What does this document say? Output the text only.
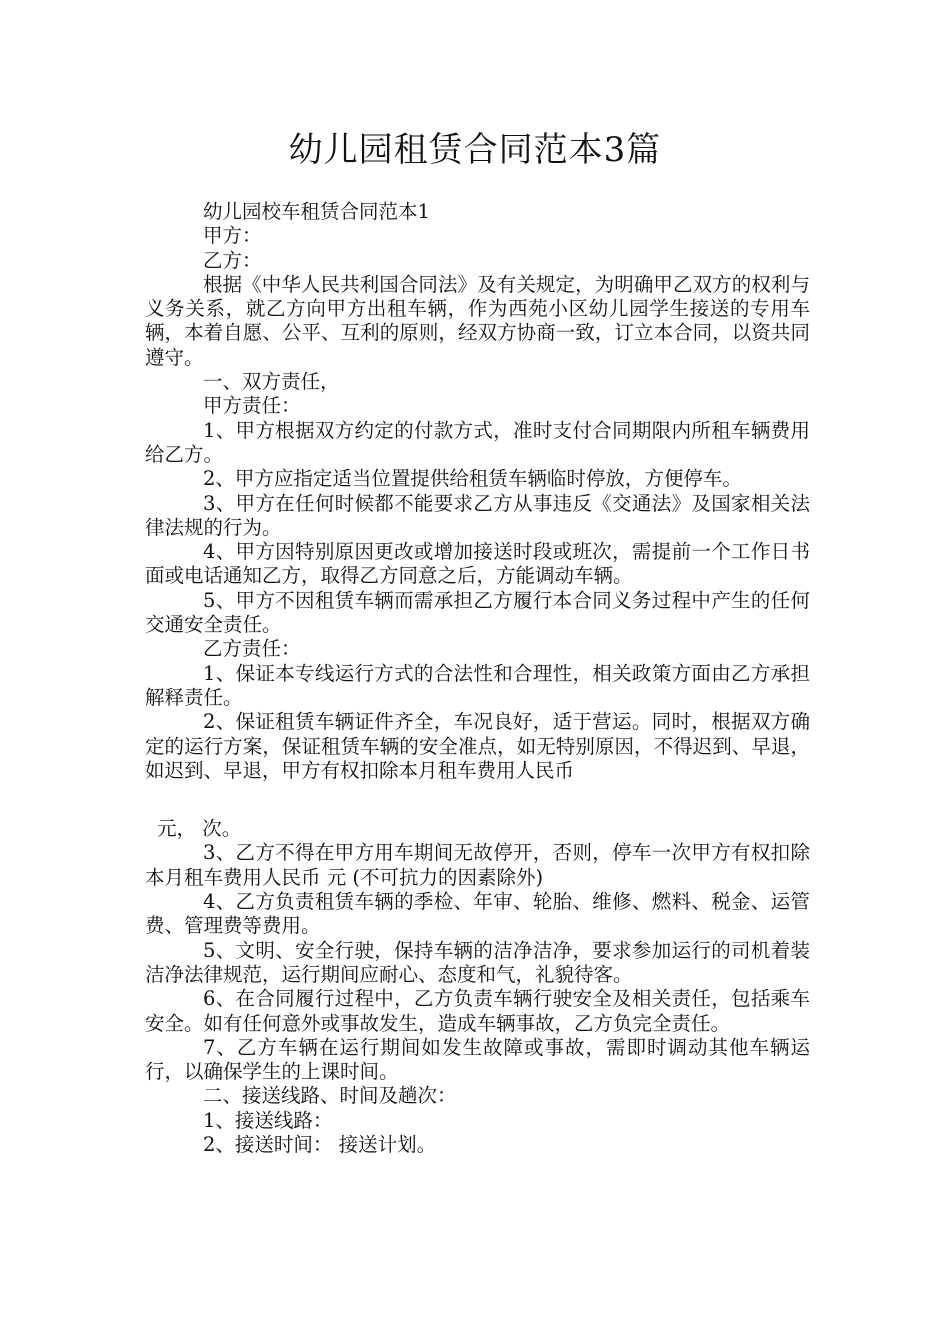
幼儿园租赁合同范本3篇

幼儿园校车租赁合同范本1

甲方：

乙方：

根据《中华人民共利国合同法》及有关规定，为明确甲乙双方的权利与义务关系，就乙方向甲方出租车辆，作为西苑小区幼儿园学生接送的专用车辆，本着自愿、公平、互利的原则，经双方协商一致，订立本合同，以资共同遵守。

一、双方责任，

甲方责任：

1、甲方根据双方约定的付款方式，准时支付合同期限内所租车辆费用给乙方。

2、甲方应指定适当位置提供给租赁车辆临时停放，方便停车。

3、甲方在任何时候都不能要求乙方从事违反《交通法》及国家相关法律法规的行为。

4、甲方因特别原因更改或增加接送时段或班次，需提前一个工作日书面或电话通知乙方，取得乙方同意之后，方能调动车辆。

5、甲方不因租赁车辆而需承担乙方履行本合同义务过程中产生的任何交通安全责任。

乙方责任：

1、保证本专线运行方式的合法性和合理性，相关政策方面由乙方承担解释责任。

2、保证租赁车辆证件齐全，车况良好，适于营运。同时，根据双方确定的运行方案，保证租赁车辆的安全准点，如无特别原因，不得迟到、早退，如迟到、早退，甲方有权扣除本月租车费用人民币

元， 次。

3、乙方不得在甲方用车期间无故停开，否则，停车一次甲方有权扣除本月租车费用人民币 元 (不可抗力的因素除外)

4、乙方负责租赁车辆的季检、年审、轮胎、维修、燃料、税金、运管费、管理费等费用。

5、文明、安全行驶，保持车辆的洁净洁净，要求参加运行的司机着装洁净法律规范，运行期间应耐心、态度和气，礼貌待客。

6、在合同履行过程中，乙方负责车辆行驶安全及相关责任，包括乘车安全。如有任何意外或事故发生，造成车辆事故，乙方负完全责任。

7、乙方车辆在运行期间如发生故障或事故，需即时调动其他车辆运行，以确保学生的上课时间。

二、接送线路、时间及趟次：

1、接送线路：

2、接送时间： 接送计划。
